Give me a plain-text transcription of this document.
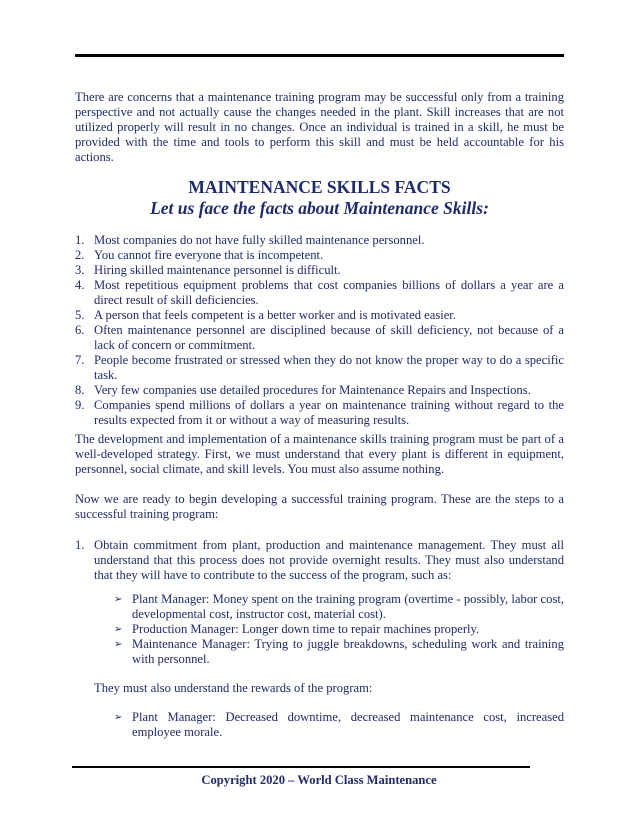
There are concerns that a maintenance training program may be successful only from a training perspective and not actually cause the changes needed in the plant. Skill increases that are not utilized properly will result in no changes. Once an individual is trained in a skill, he must be provided with the time and tools to perform this skill and must be held accountable for his actions.

MAINTENANCE SKILLS FACTS
Let us face the facts about Maintenance Skills:
1. Most companies do not have fully skilled maintenance personnel.
2. You cannot fire everyone that is incompetent.
3. Hiring skilled maintenance personnel is difficult.
4. Most repetitious equipment problems that cost companies billions of dollars a year are a direct result of skill deficiencies.
5. A person that feels competent is a better worker and is motivated easier.
6. Often maintenance personnel are disciplined because of skill deficiency, not because of a lack of concern or commitment.
7. People become frustrated or stressed when they do not know the proper way to do a specific task.
8. Very few companies use detailed procedures for Maintenance Repairs and Inspections.
9. Companies spend millions of dollars a year on maintenance training without regard to the results expected from it or without a way of measuring results.

The development and implementation of a maintenance skills training program must be part of a well-developed strategy. First, we must understand that every plant is different in equipment, personnel, social climate, and skill levels. You must also assume nothing.

Now we are ready to begin developing a successful training program. These are the steps to a successful training program:

1. Obtain commitment from plant, production and maintenance management. They must all understand that this process does not provide overnight results. They must also understand that they will have to contribute to the success of the program, such as:
➢ Plant Manager: Money spent on the training program (overtime - possibly, labor cost, developmental cost, instructor cost, material cost).
➢ Production Manager: Longer down time to repair machines properly.
➢ Maintenance Manager: Trying to juggle breakdowns, scheduling work and training with personnel.

They must also understand the rewards of the program:

➢ Plant Manager: Decreased downtime, decreased maintenance cost, increased employee morale.

Copyright 2020 – World Class Maintenance
